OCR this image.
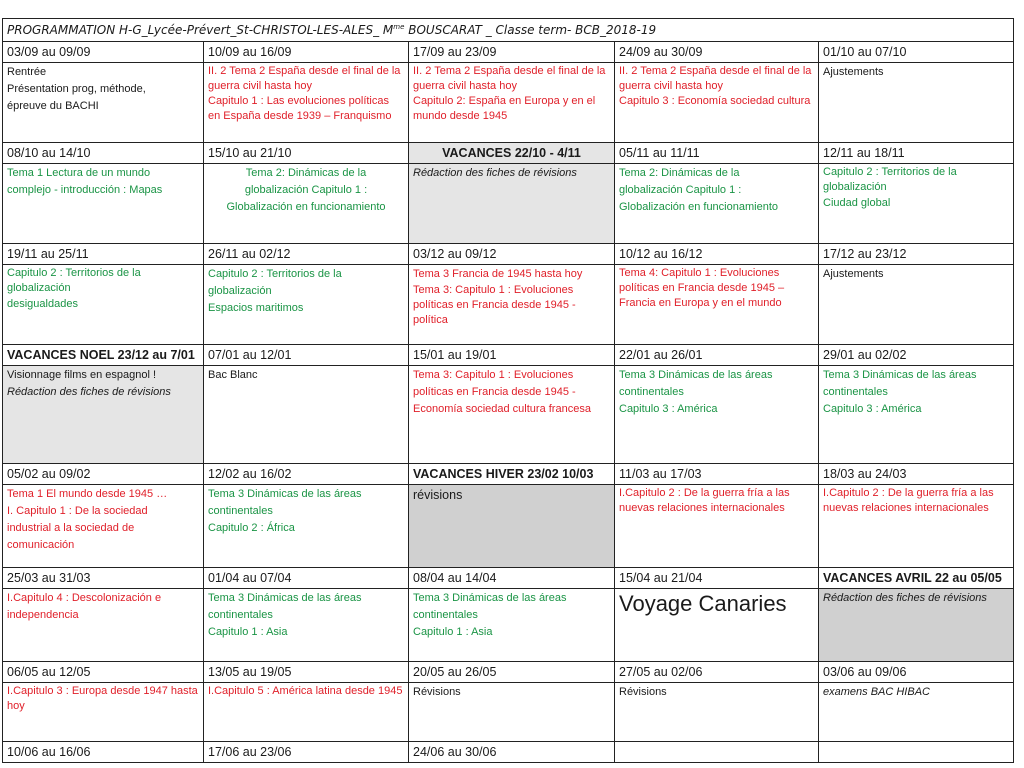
PROGRAMMATION H-G_Lycée-Prévert_St-CHRISTOL-LES-ALES_ $M^{me}$ BOUSCARAT _ Classe term- BCB_2018-19				
03/09 au 09/09	10/09 au 16/09	17/09 au 23/09	24/09 au 30/09	01/10 au 07/10

Rentrée
Présentation prog, méthode,
épreuve du BACHI	II. 2 Tema 2 España desde el final de la guerra civil hasta hoy
Capitulo 1 : Las evoluciones políticas en España desde 1939 – Franquismo	II. 2 Tema 2 España desde el final de la guerra civil hasta hoy
Capitulo 2: España en Europa y en el mundo desde 1945	II. 2 Tema 2 España desde el final de la guerra civil hasta hoy
Capitulo 3 : Economía sociedad cultura	Ajustements

08/10 au 14/10	15/10 au 21/10	VACANCES 22/10 - 4/11	05/11 au 11/11	12/11 au 18/11

Tema 1 Lectura de un mundo
complejo - introducción : Mapas	Tema 2: Dinámicas de la
globalización Capitulo 1 :
Globalización en funcionamiento	Rédaction des fiches de révisions	Tema 2: Dinámicas de la
globalización Capitulo 1 :
Globalización en funcionamiento	Capitulo 2 : Territorios de la globalización
Ciudad global

19/11 au 25/11	26/11 au 02/12	03/12 au 09/12	10/12 au 16/12	17/12 au 23/12

Capitulo 2 : Territorios de la globalización
desigualdades	Capitulo 2 : Territorios de la
globalización
Espacios maritimos	Tema 3 Francia de 1945 hasta hoy
Tema 3: Capitulo 1 : Evoluciones políticas en Francia desde 1945 - política	Tema 4: Capitulo 1 : Evoluciones políticas en Francia desde 1945 – Francia en Europa y en el mundo	Ajustements

VACANCES NOEL 23/12 au 7/01	07/01 au 12/01	15/01 au 19/01	22/01 au 26/01	29/01 au 02/02

Visionnage films en espagnol !
Rédaction des fiches de révisions	Bac Blanc	Tema 3: Capitulo 1 : Evoluciones
políticas en Francia desde 1945 -
Economía sociedad cultura francesa	Tema 3 Dinámicas de las áreas
continentales
Capitulo 3 : América	Tema 3 Dinámicas de las áreas
continentales
Capitulo 3 : América

05/02 au 09/02	12/02 au 16/02	VACANCES HIVER 23/02 10/03	11/03 au 17/03	18/03 au 24/03

Tema 1 El mundo desde 1945 …
I. Capitulo 1 : De la sociedad
industrial a la sociedad de
comunicación	Tema 3 Dinámicas de las áreas
continentales
Capitulo 2 : África	révisions	I.Capitulo 2 : De la guerra fría a las nuevas relaciones internacionales	I.Capitulo 2 : De la guerra fría a las nuevas relaciones internacionales

25/03 au 31/03	01/04 au 07/04	08/04 au 14/04	15/04 au 21/04	VACANCES AVRIL 22 au 05/05

I.Capitulo 4 : Descolonización e
independencia	Tema 3 Dinámicas de las áreas
continentales
Capitulo 1 : Asia	Tema 3 Dinámicas de las áreas
continentales
Capitulo 1 : Asia	Voyage Canaries	Rédaction des fiches de révisions

06/05 au 12/05	13/05 au 19/05	20/05 au 26/05	27/05 au 02/06	03/06 au 09/06

I.Capitulo 3 : Europa desde 1947 hasta hoy	I.Capitulo 5 : América latina desde 1945	Révisions	Révisions	examens BAC HIBAC

10/06 au 16/06	17/06 au 23/06	24/06 au 30/06		
